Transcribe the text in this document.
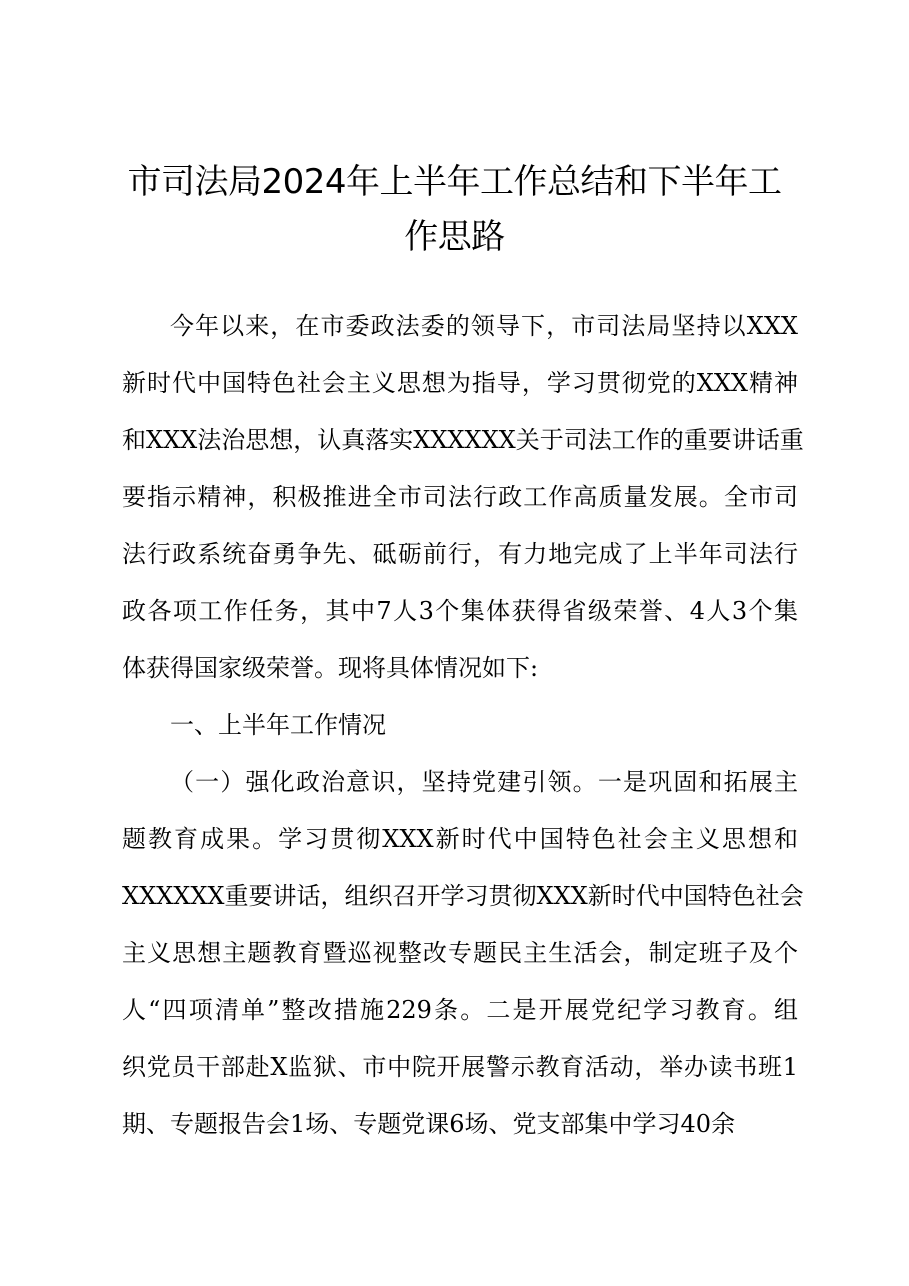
市司法局2024年上半年工作总结和下半年工
作思路
今年以来，在市委政法委的领导下，市司法局坚持以XXX
新时代中国特色社会主义思想为指导，学习贯彻党的XXX精神
和XXX法治思想，认真落实XXXXXX关于司法工作的重要讲话重
要指示精神，积极推进全市司法行政工作高质量发展。全市司
法行政系统奋勇争先、砥砺前行，有力地完成了上半年司法行
政各项工作任务，其中7人3个集体获得省级荣誉、4人3个集
体获得国家级荣誉。现将具体情况如下:
一、上半年工作情况
（一）强化政治意识，坚持党建引领。一是巩固和拓展主
题教育成果。学习贯彻XXX新时代中国特色社会主义思想和
XXXXXX重要讲话，组织召开学习贯彻XXX新时代中国特色社会
主义思想主题教育暨巡视整改专题民主生活会，制定班子及个
人“四项清单”整改措施229条。二是开展党纪学习教育。组
织党员干部赴X监狱、市中院开展警示教育活动，举办读书班1
期、专题报告会1场、专题党课6场、党支部集中学习40余
